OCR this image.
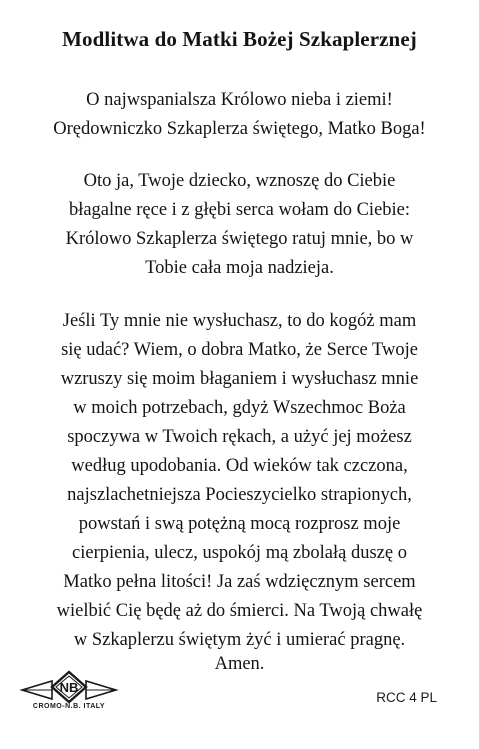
Modlitwa do Matki Bożej Szkaplerznej
O najwspanialsza Królowo nieba i ziemi!
Orędowniczko Szkaplerza świętego, Matko Boga!
Oto ja, Twoje dziecko, wznoszę do Ciebie
błagalne ręce i z głębi serca wołam do Ciebie:
Królowo Szkaplerza świętego ratuj mnie, bo w
Tobie cała moja nadzieja.
Jeśli Ty mnie nie wysłuchasz, to do kogóż mam
się udać? Wiem, o dobra Matko, że Serce Twoje
wzruszy się moim błaganiem i wysłuchasz mnie
w moich potrzebach, gdyż Wszechmoc Boża
spoczywa w Twoich rękach, a użyć jej możesz
według upodobania. Od wieków tak czczona,
najszlachetniejsza Pocieszycielko strapionych,
powstań i swą potężną mocą rozprosz moje
cierpienia, ulecz, uspokój mą zbolałą duszę o
Matko pełna litości! Ja zaś wdzięcznym sercem
wielbić Cię będę aż do śmierci. Na Twoją chwałę
w Szkaplerzu świętym żyć i umierać pragnę.
Amen.
NB
CROMO-N.B. ITALY
RCC 4 PL
